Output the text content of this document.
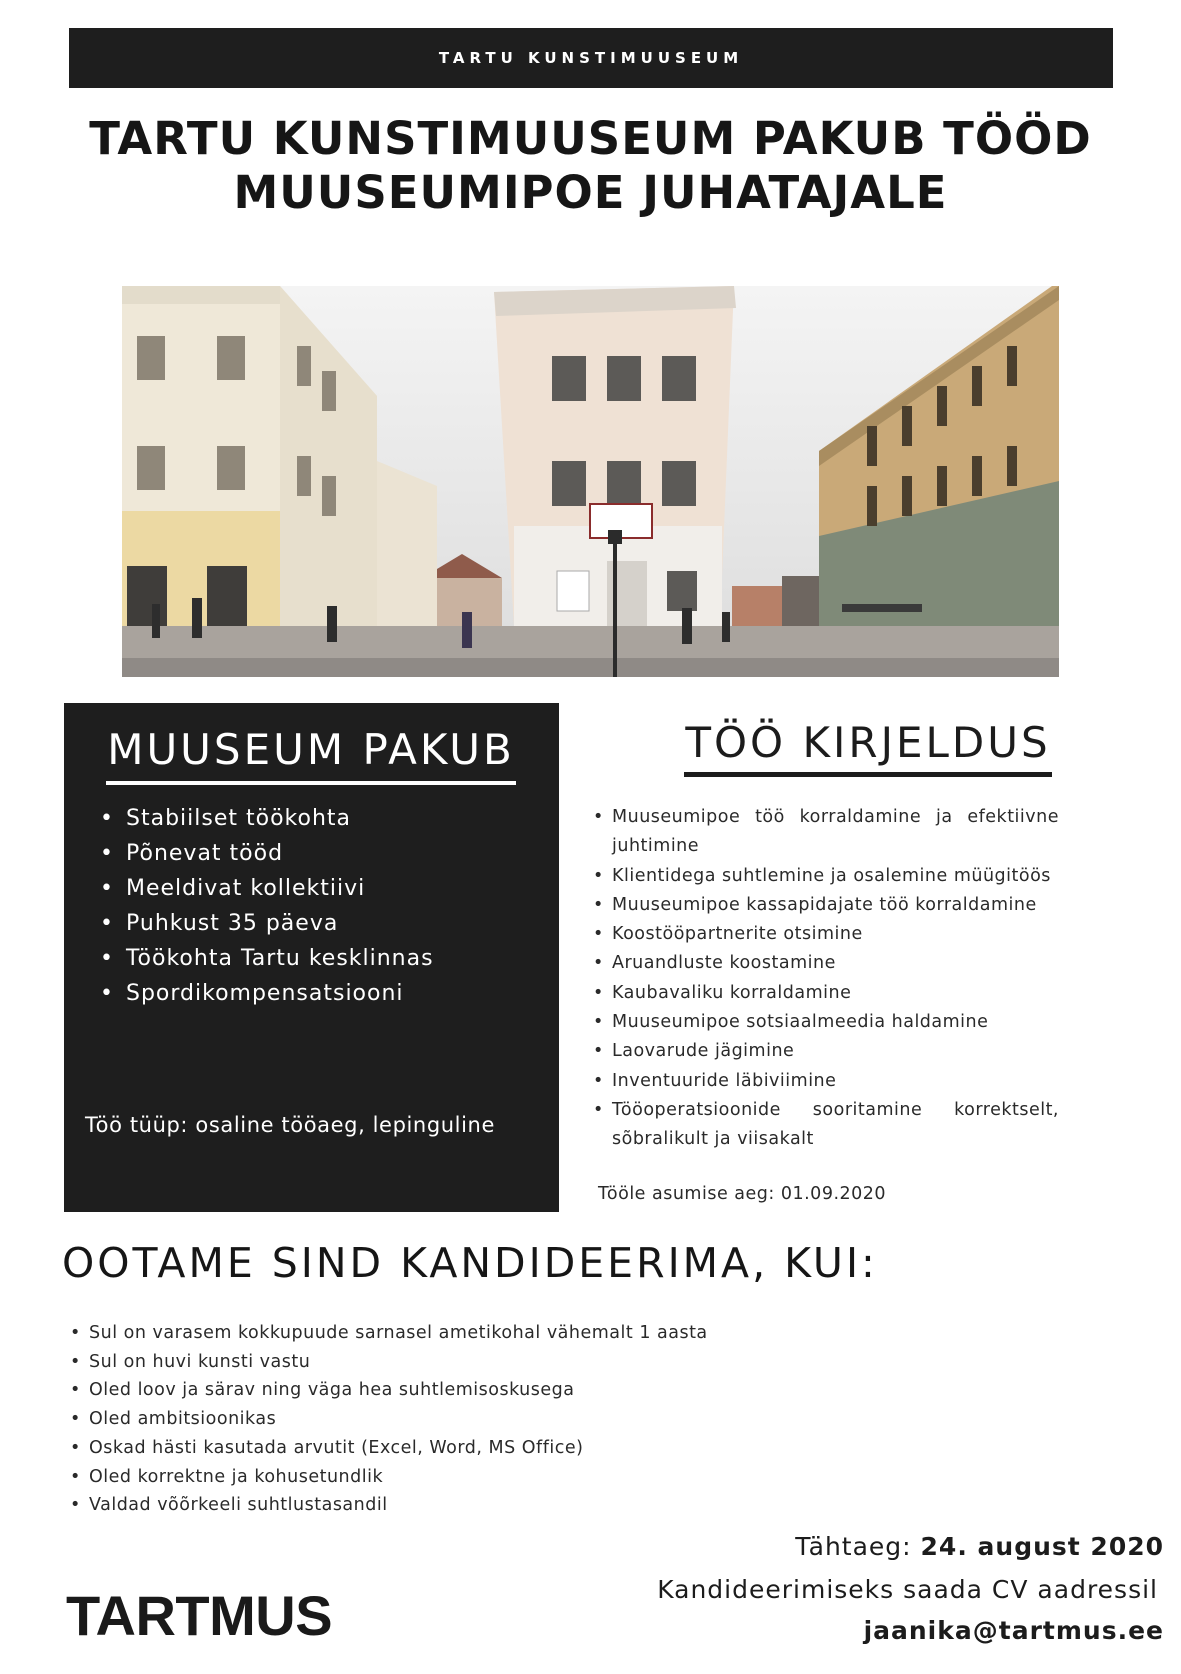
TARTU KUNSTIMUUSEUM
TARTU KUNSTIMUUSEUM PAKUB TÖÖD
MUUSEUMIPOE JUHATAJALE
MUUSEUM PAKUB
• Stabiilset töökohta
• Põnevat tööd
• Meeldivat kollektiivi
• Puhkust 35 päeva
• Töökohta Tartu kesklinnas
• Spordikompensatsiooni
Töö tüüp: osaline tööaeg, lepinguline
TÖÖ KIRJELDUS
• Muuseumipoe töö korraldamine ja efektiivne juhtimine
• Klientidega suhtlemine ja osalemine müügitöös
• Muuseumipoe kassapidajate töö korraldamine
• Koostööpartnerite otsimine
• Aruandluste koostamine
• Kaubavaliku korraldamine
• Muuseumipoe sotsiaalmeedia haldamine
• Laovarude jägimine
• Inventuuride läbiviimine
• Tööoperatsioonide sooritamine korrektselt, sõbralikult ja viisakalt
Tööle asumise aeg: 01.09.2020
OOTAME SIND KANDIDEERIMA, KUI:
• Sul on varasem kokkupuude sarnasel ametikohal vähemalt 1 aasta
• Sul on huvi kunsti vastu
• Oled loov ja särav ning väga hea suhtlemisoskusega
• Oled ambitsioonikas
• Oskad hästi kasutada arvutit (Excel, Word, MS Office)
• Oled korrektne ja kohusetundlik
• Valdad võõrkeeli suhtlustasandil
TARTMUS
Tähtaeg: 24. august 2020
Kandideerimiseks saada CV aadressil
jaanika@tartmus.ee
